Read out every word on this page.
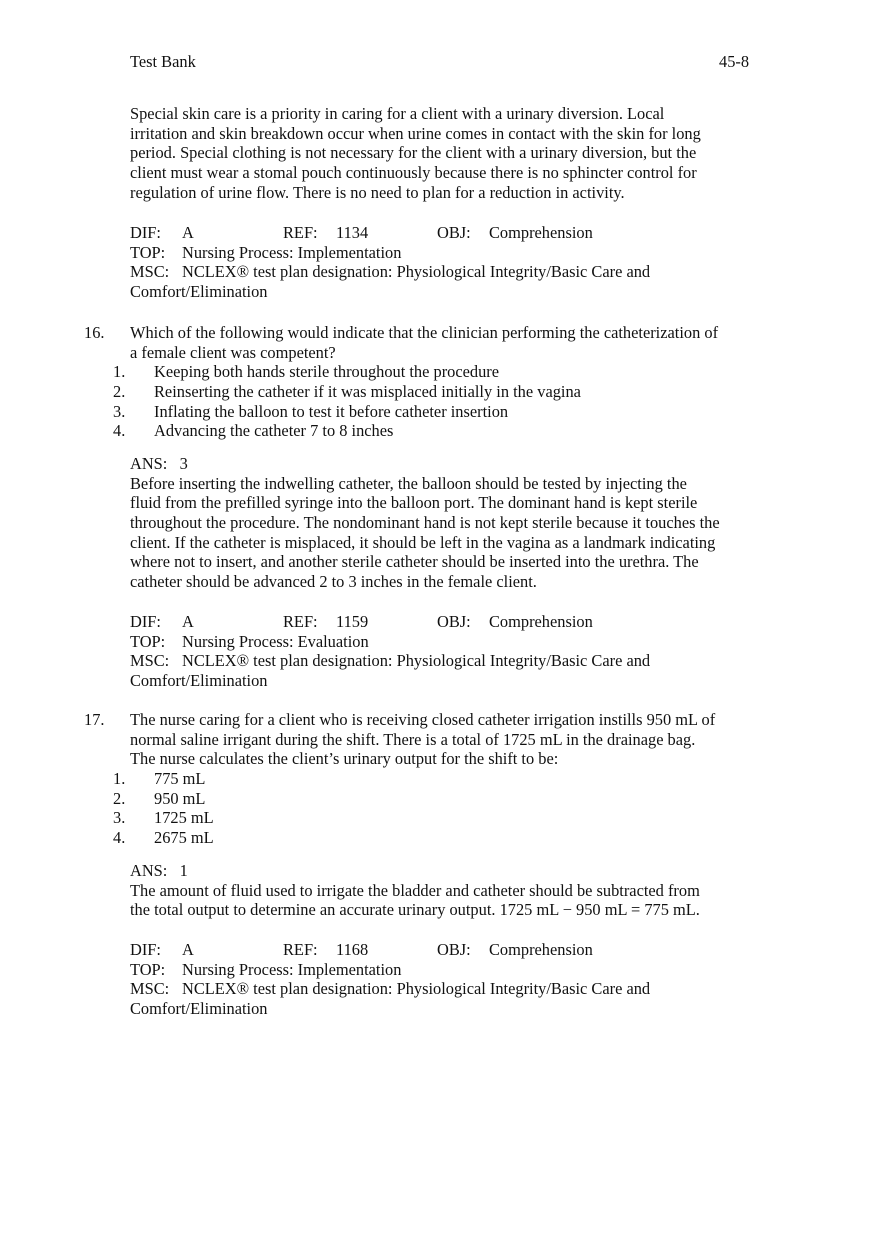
Test Bank	45-8
Special skin care is a priority in caring for a client with a urinary diversion. Local
irritation and skin breakdown occur when urine comes in contact with the skin for long
period. Special clothing is not necessary for the client with a urinary diversion, but the
client must wear a stomal pouch continuously because there is no sphincter control for
regulation of urine flow. There is no need to plan for a reduction in activity.
DIF: A	REF: 1134	OBJ: Comprehension
TOP: Nursing Process: Implementation
MSC: NCLEX® test plan designation: Physiological Integrity/Basic Care and
Comfort/Elimination
16. Which of the following would indicate that the clinician performing the catheterization of
a female client was competent?
1. Keeping both hands sterile throughout the procedure
2. Reinserting the catheter if it was misplaced initially in the vagina
3. Inflating the balloon to test it before catheter insertion
4. Advancing the catheter 7 to 8 inches
ANS:   3
Before inserting the indwelling catheter, the balloon should be tested by injecting the
fluid from the prefilled syringe into the balloon port. The dominant hand is kept sterile
throughout the procedure. The nondominant hand is not kept sterile because it touches the
client. If the catheter is misplaced, it should be left in the vagina as a landmark indicating
where not to insert, and another sterile catheter should be inserted into the urethra. The
catheter should be advanced 2 to 3 inches in the female client.
DIF: A	REF: 1159	OBJ: Comprehension
TOP: Nursing Process: Evaluation
MSC: NCLEX® test plan designation: Physiological Integrity/Basic Care and
Comfort/Elimination
17. The nurse caring for a client who is receiving closed catheter irrigation instills 950 mL of
normal saline irrigant during the shift. There is a total of 1725 mL in the drainage bag.
The nurse calculates the client’s urinary output for the shift to be:
1. 775 mL
2. 950 mL
3. 1725 mL
4. 2675 mL
ANS:   1
The amount of fluid used to irrigate the bladder and catheter should be subtracted from
the total output to determine an accurate urinary output. 1725 mL − 950 mL = 775 mL.
DIF: A	REF: 1168	OBJ: Comprehension
TOP: Nursing Process: Implementation
MSC: NCLEX® test plan designation: Physiological Integrity/Basic Care and
Comfort/Elimination
